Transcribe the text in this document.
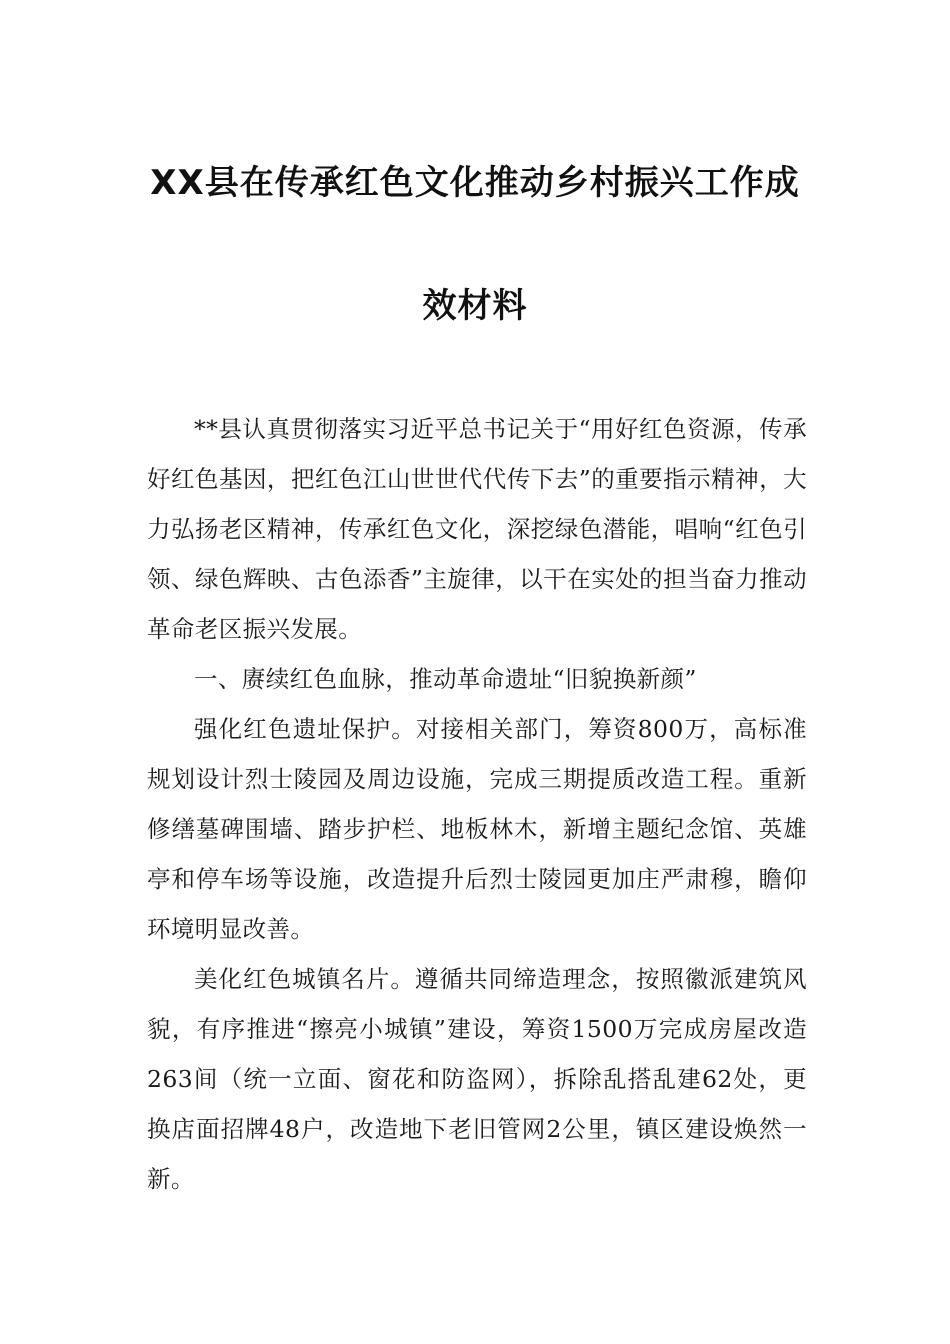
XX县在传承红色文化推动乡村振兴工作成
效材料

**县认真贯彻落实习近平总书记关于“用好红色资源，传承好红色基因，把红色江山世世代代传下去”的重要指示精神，大力弘扬老区精神，传承红色文化，深挖绿色潜能，唱响“红色引领、绿色辉映、古色添香”主旋律，以干在实处的担当奋力推动革命老区振兴发展。

一、赓续红色血脉，推动革命遗址“旧貌换新颜”

强化红色遗址保护。对接相关部门，筹资800万，高标准规划设计烈士陵园及周边设施，完成三期提质改造工程。重新修缮墓碑围墙、踏步护栏、地板林木，新增主题纪念馆、英雄亭和停车场等设施，改造提升后烈士陵园更加庄严肃穆，瞻仰环境明显改善。

美化红色城镇名片。遵循共同缔造理念，按照徽派建筑风貌，有序推进“擦亮小城镇”建设，筹资1500万完成房屋改造263间（统一立面、窗花和防盗网），拆除乱搭乱建62处，更换店面招牌48户，改造地下老旧管网2公里，镇区建设焕然一新。
